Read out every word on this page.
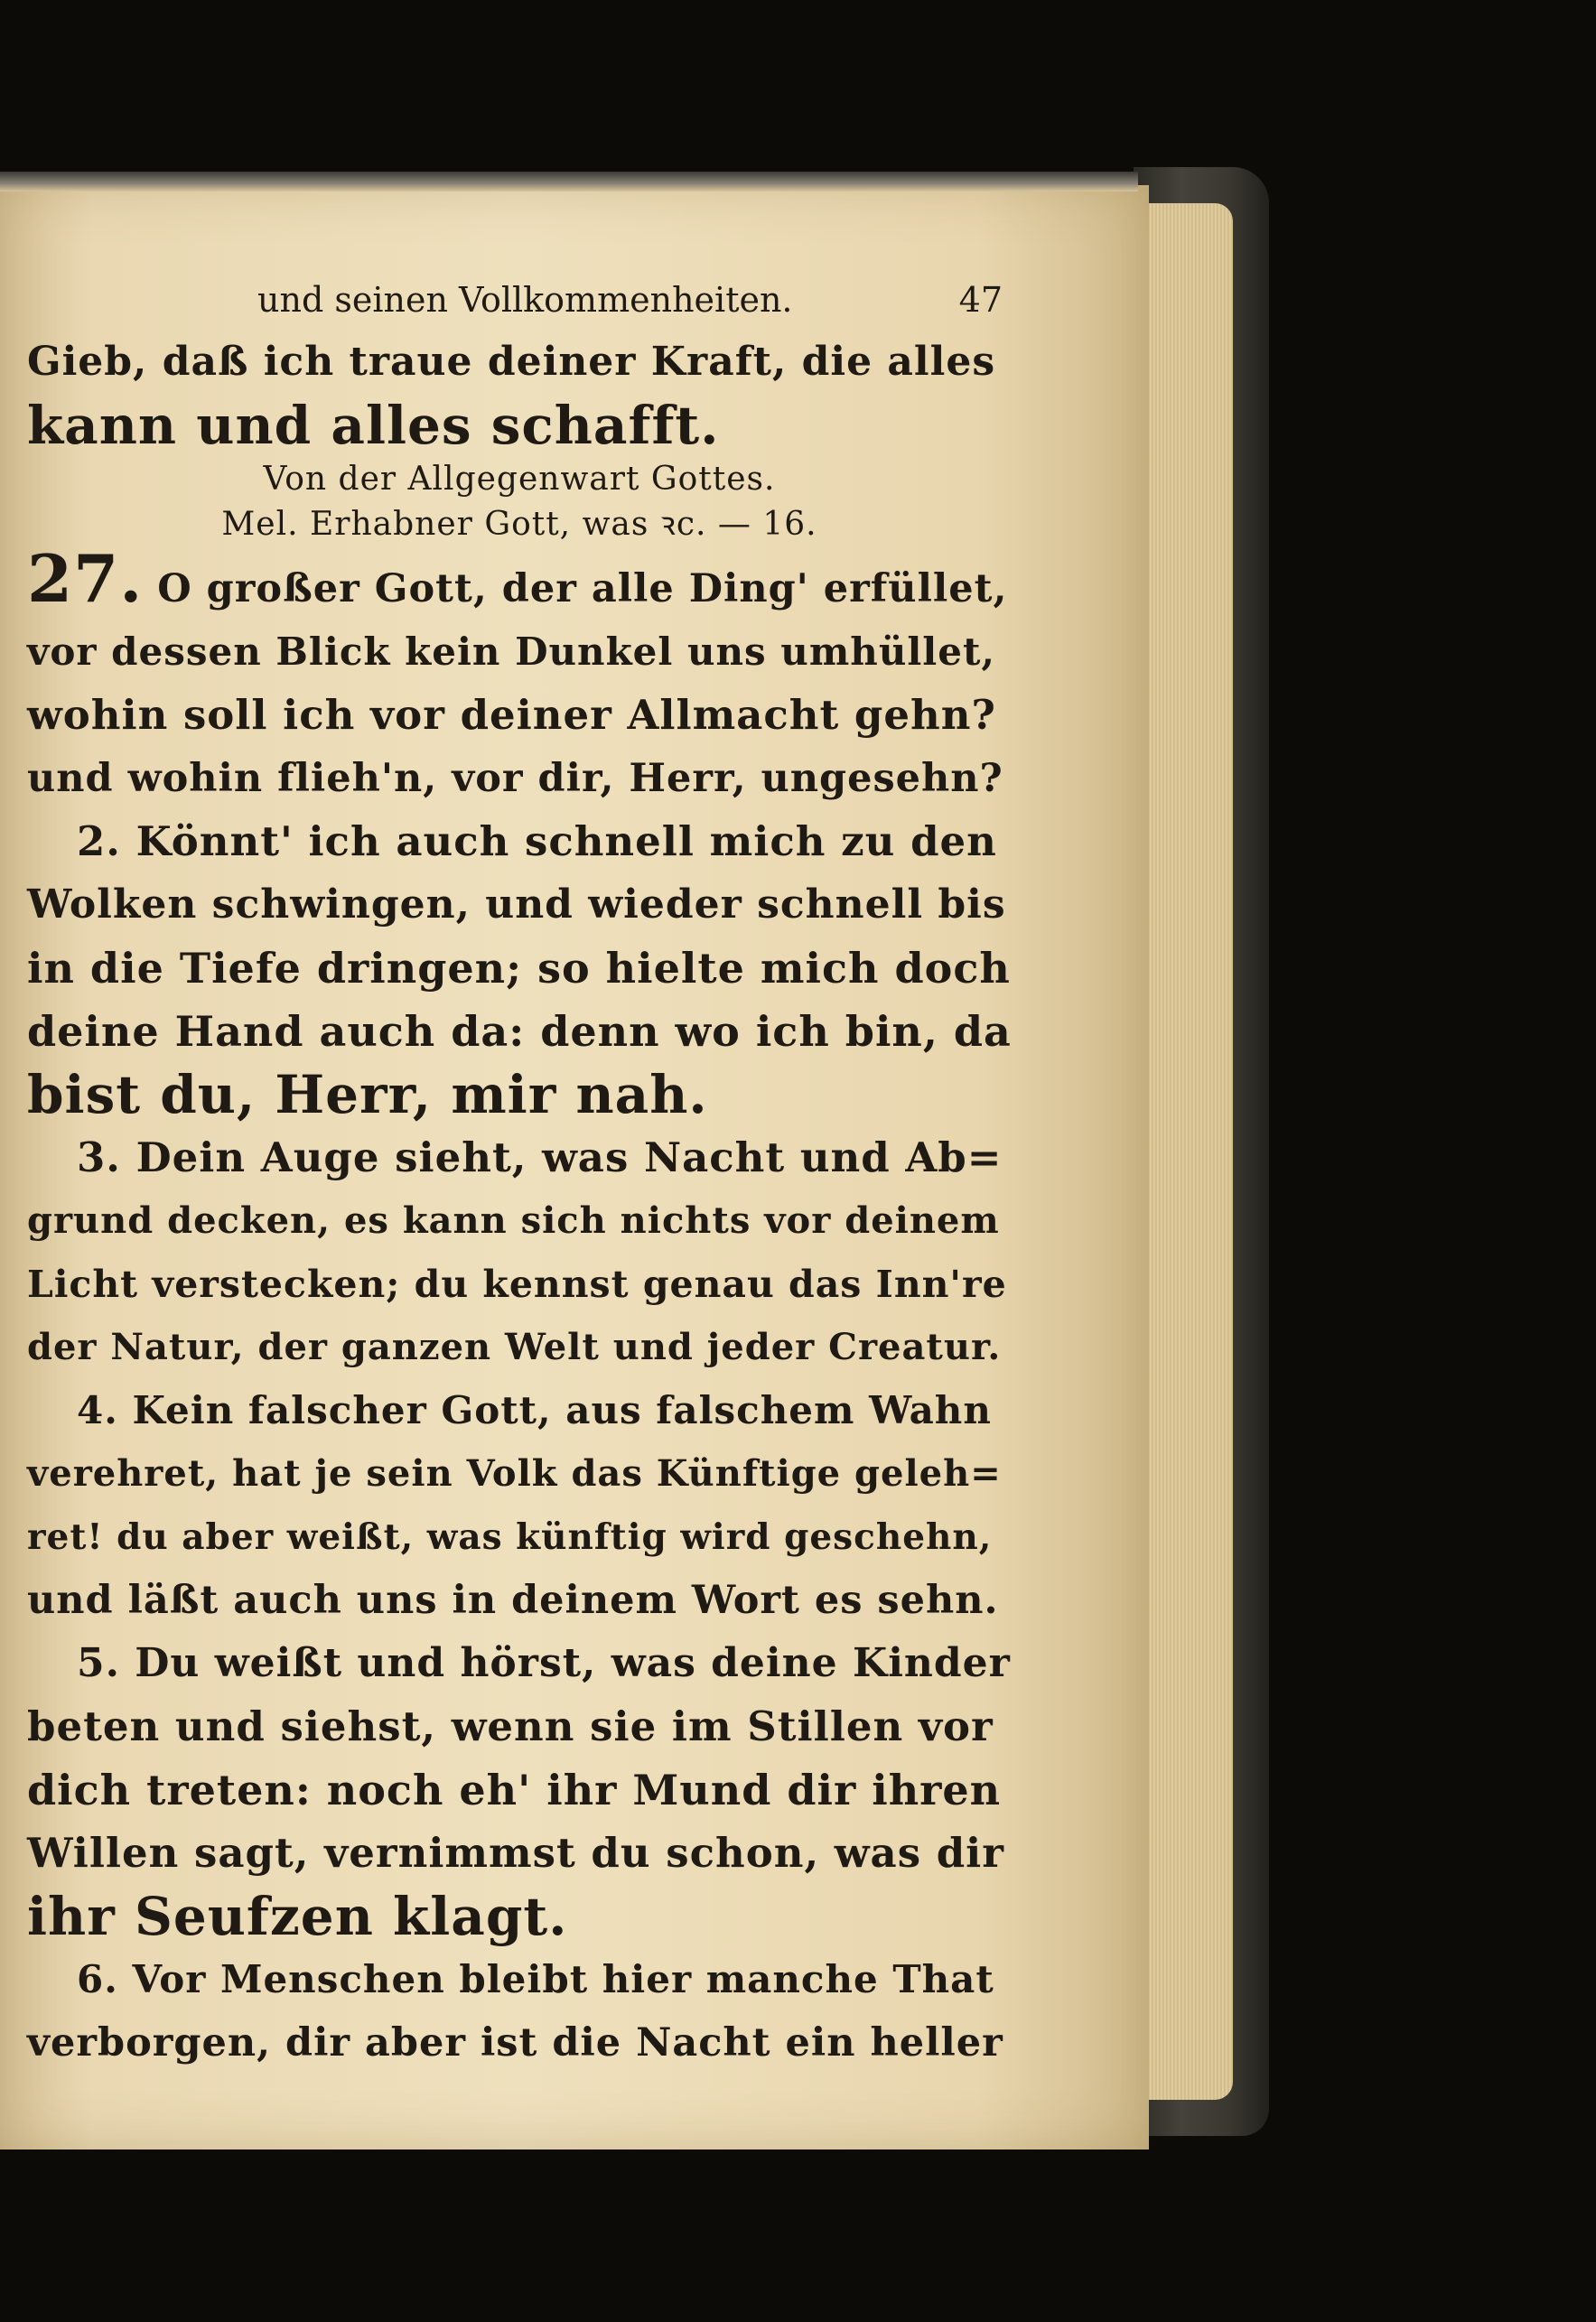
und seinen Vollkommenheiten.	47
Gieb, daß ich traue deiner Kraft, die alles
kann und alles schafft.
Von der Allgegenwart Gottes.
Mel. Erhabner Gott, was ꝛc. — 16.
27. O großer Gott, der alle Ding' erfüllet,
vor dessen Blick kein Dunkel uns umhüllet,
wohin soll ich vor deiner Allmacht gehn?
und wohin flieh'n, vor dir, Herr, ungesehn?
2. Könnt' ich auch schnell mich zu den
Wolken schwingen, und wieder schnell bis
in die Tiefe dringen; so hielte mich doch
deine Hand auch da: denn wo ich bin, da
bist du, Herr, mir nah.
3. Dein Auge sieht, was Nacht und Ab=
grund decken, es kann sich nichts vor deinem
Licht verstecken; du kennst genau das Inn're
der Natur, der ganzen Welt und jeder Creatur.
4. Kein falscher Gott, aus falschem Wahn
verehret, hat je sein Volk das Künftige geleh=
ret! du aber weißt, was künftig wird geschehn,
und läßt auch uns in deinem Wort es sehn.
5. Du weißt und hörst, was deine Kinder
beten und siehst, wenn sie im Stillen vor
dich treten: noch eh' ihr Mund dir ihren
Willen sagt, vernimmst du schon, was dir
ihr Seufzen klagt.
6. Vor Menschen bleibt hier manche That
verborgen, dir aber ist die Nacht ein heller
